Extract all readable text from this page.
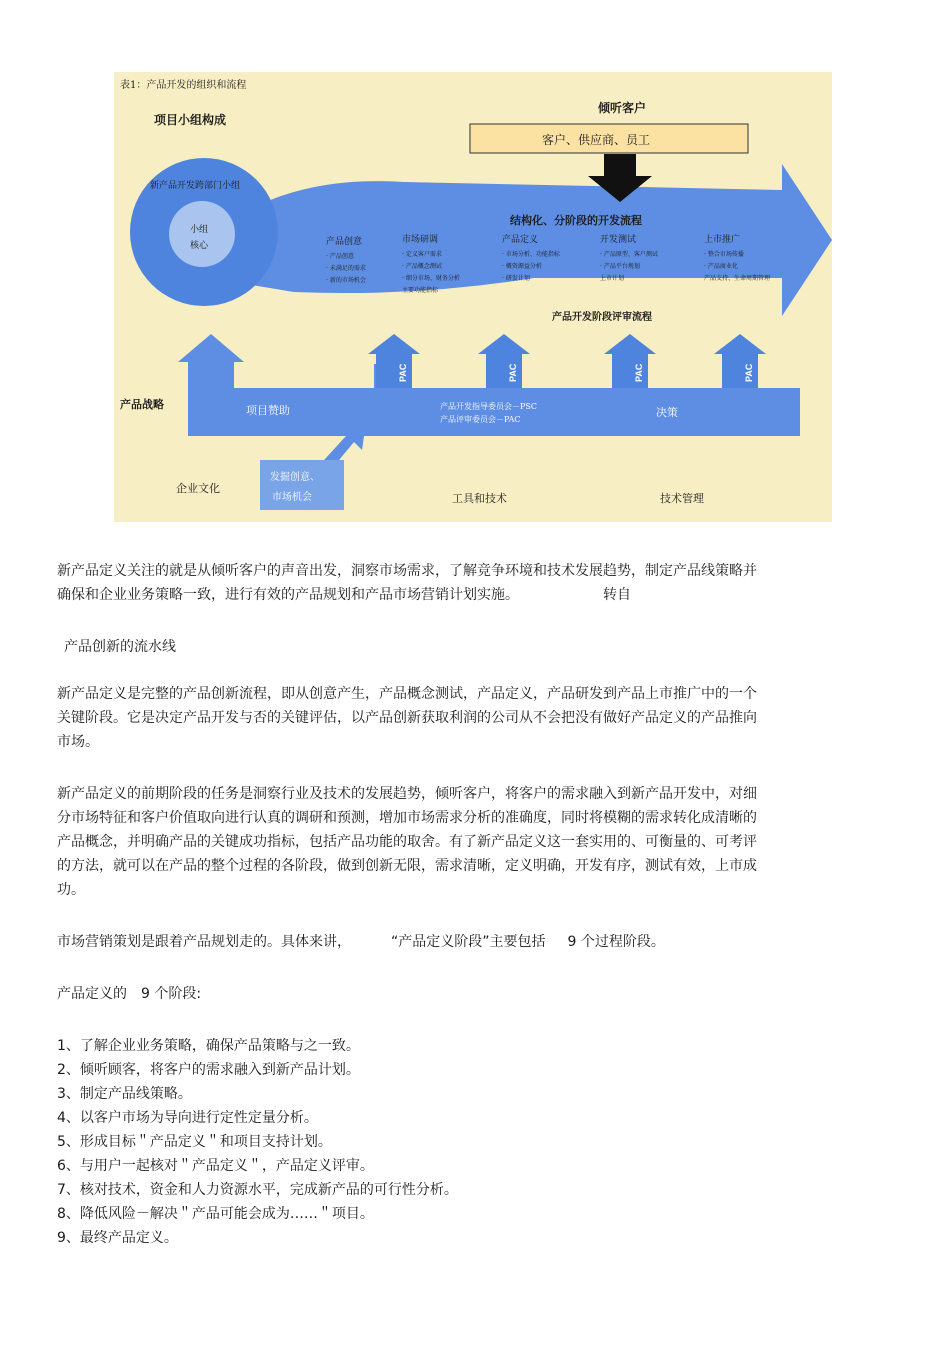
表1：产品开发的组织和流程
项目小组构成
新产品开发跨部门小组
小组
核心
倾听客户
客户、供应商、员工
结构化、分阶段的开发流程
产品创意
· 产品创意
· 未满足的需求
· 新的市场机会
市场研调
· 定义客户需求
· 产品概念测试
· 细分市场、财务分析
主要功能指标
产品定义
· 市场分析、功能指标
· 概资源益分析
· 研发计划
开发测试
· 产品原型、客户测试
· 产品平台规划
上市计划
上市推广
· 整合市场传播
· 产品商业化
产品支持、生命周期管理
产品开发阶段评审流程
PAC	PAC	PAC	PAC
产品战略	项目赞助	产品开发指导委员会－PSC
产品评审委员会－PAC
决策
发掘创意、
市场机会
企业文化
工具和技术	技术管理

新产品定义关注的就是从倾听客户的声音出发，洞察市场需求，了解竞争环境和技术发展趋势，制定产品线策略并
确保和企业业务策略一致，进行有效的产品规划和产品市场营销计划实施。	转自

产品创新的流水线

新产品定义是完整的产品创新流程，即从创意产生，产品概念测试，产品定义，产品研发到产品上市推广中的一个
关键阶段。它是决定产品开发与否的关键评估，以产品创新获取利润的公司从不会把没有做好产品定义的产品推向
市场。

新产品定义的前期阶段的任务是洞察行业及技术的发展趋势，倾听客户，将客户的需求融入到新产品开发中，对细
分市场特征和客户价值取向进行认真的调研和预测，增加市场需求分析的准确度，同时将模糊的需求转化成清晰的
产品概念，并明确产品的关键成功指标，包括产品功能的取舍。有了新产品定义这一套实用的、可衡量的、可考评
的方法，就可以在产品的整个过程的各阶段，做到创新无限，需求清晰，定义明确，开发有序，测试有效，上市成
功。

市场营销策划是跟着产品规划走的。具体来讲，	“产品定义阶段”主要包括 9 个过程阶段。

产品定义的 9 个阶段:

1、了解企业业务策略，确保产品策略与之一致。
2、倾听顾客，将客户的需求融入到新产品计划。
3、制定产品线策略。
4、以客户市场为导向进行定性定量分析。
5、形成目标＂产品定义＂和项目支持计划。
6、与用户一起核对＂产品定义＂，产品定义评审。
7、核对技术，资金和人力资源水平，完成新产品的可行性分析。
8、降低风险－解决＂产品可能会成为……＂项目。
9、最终产品定义。
